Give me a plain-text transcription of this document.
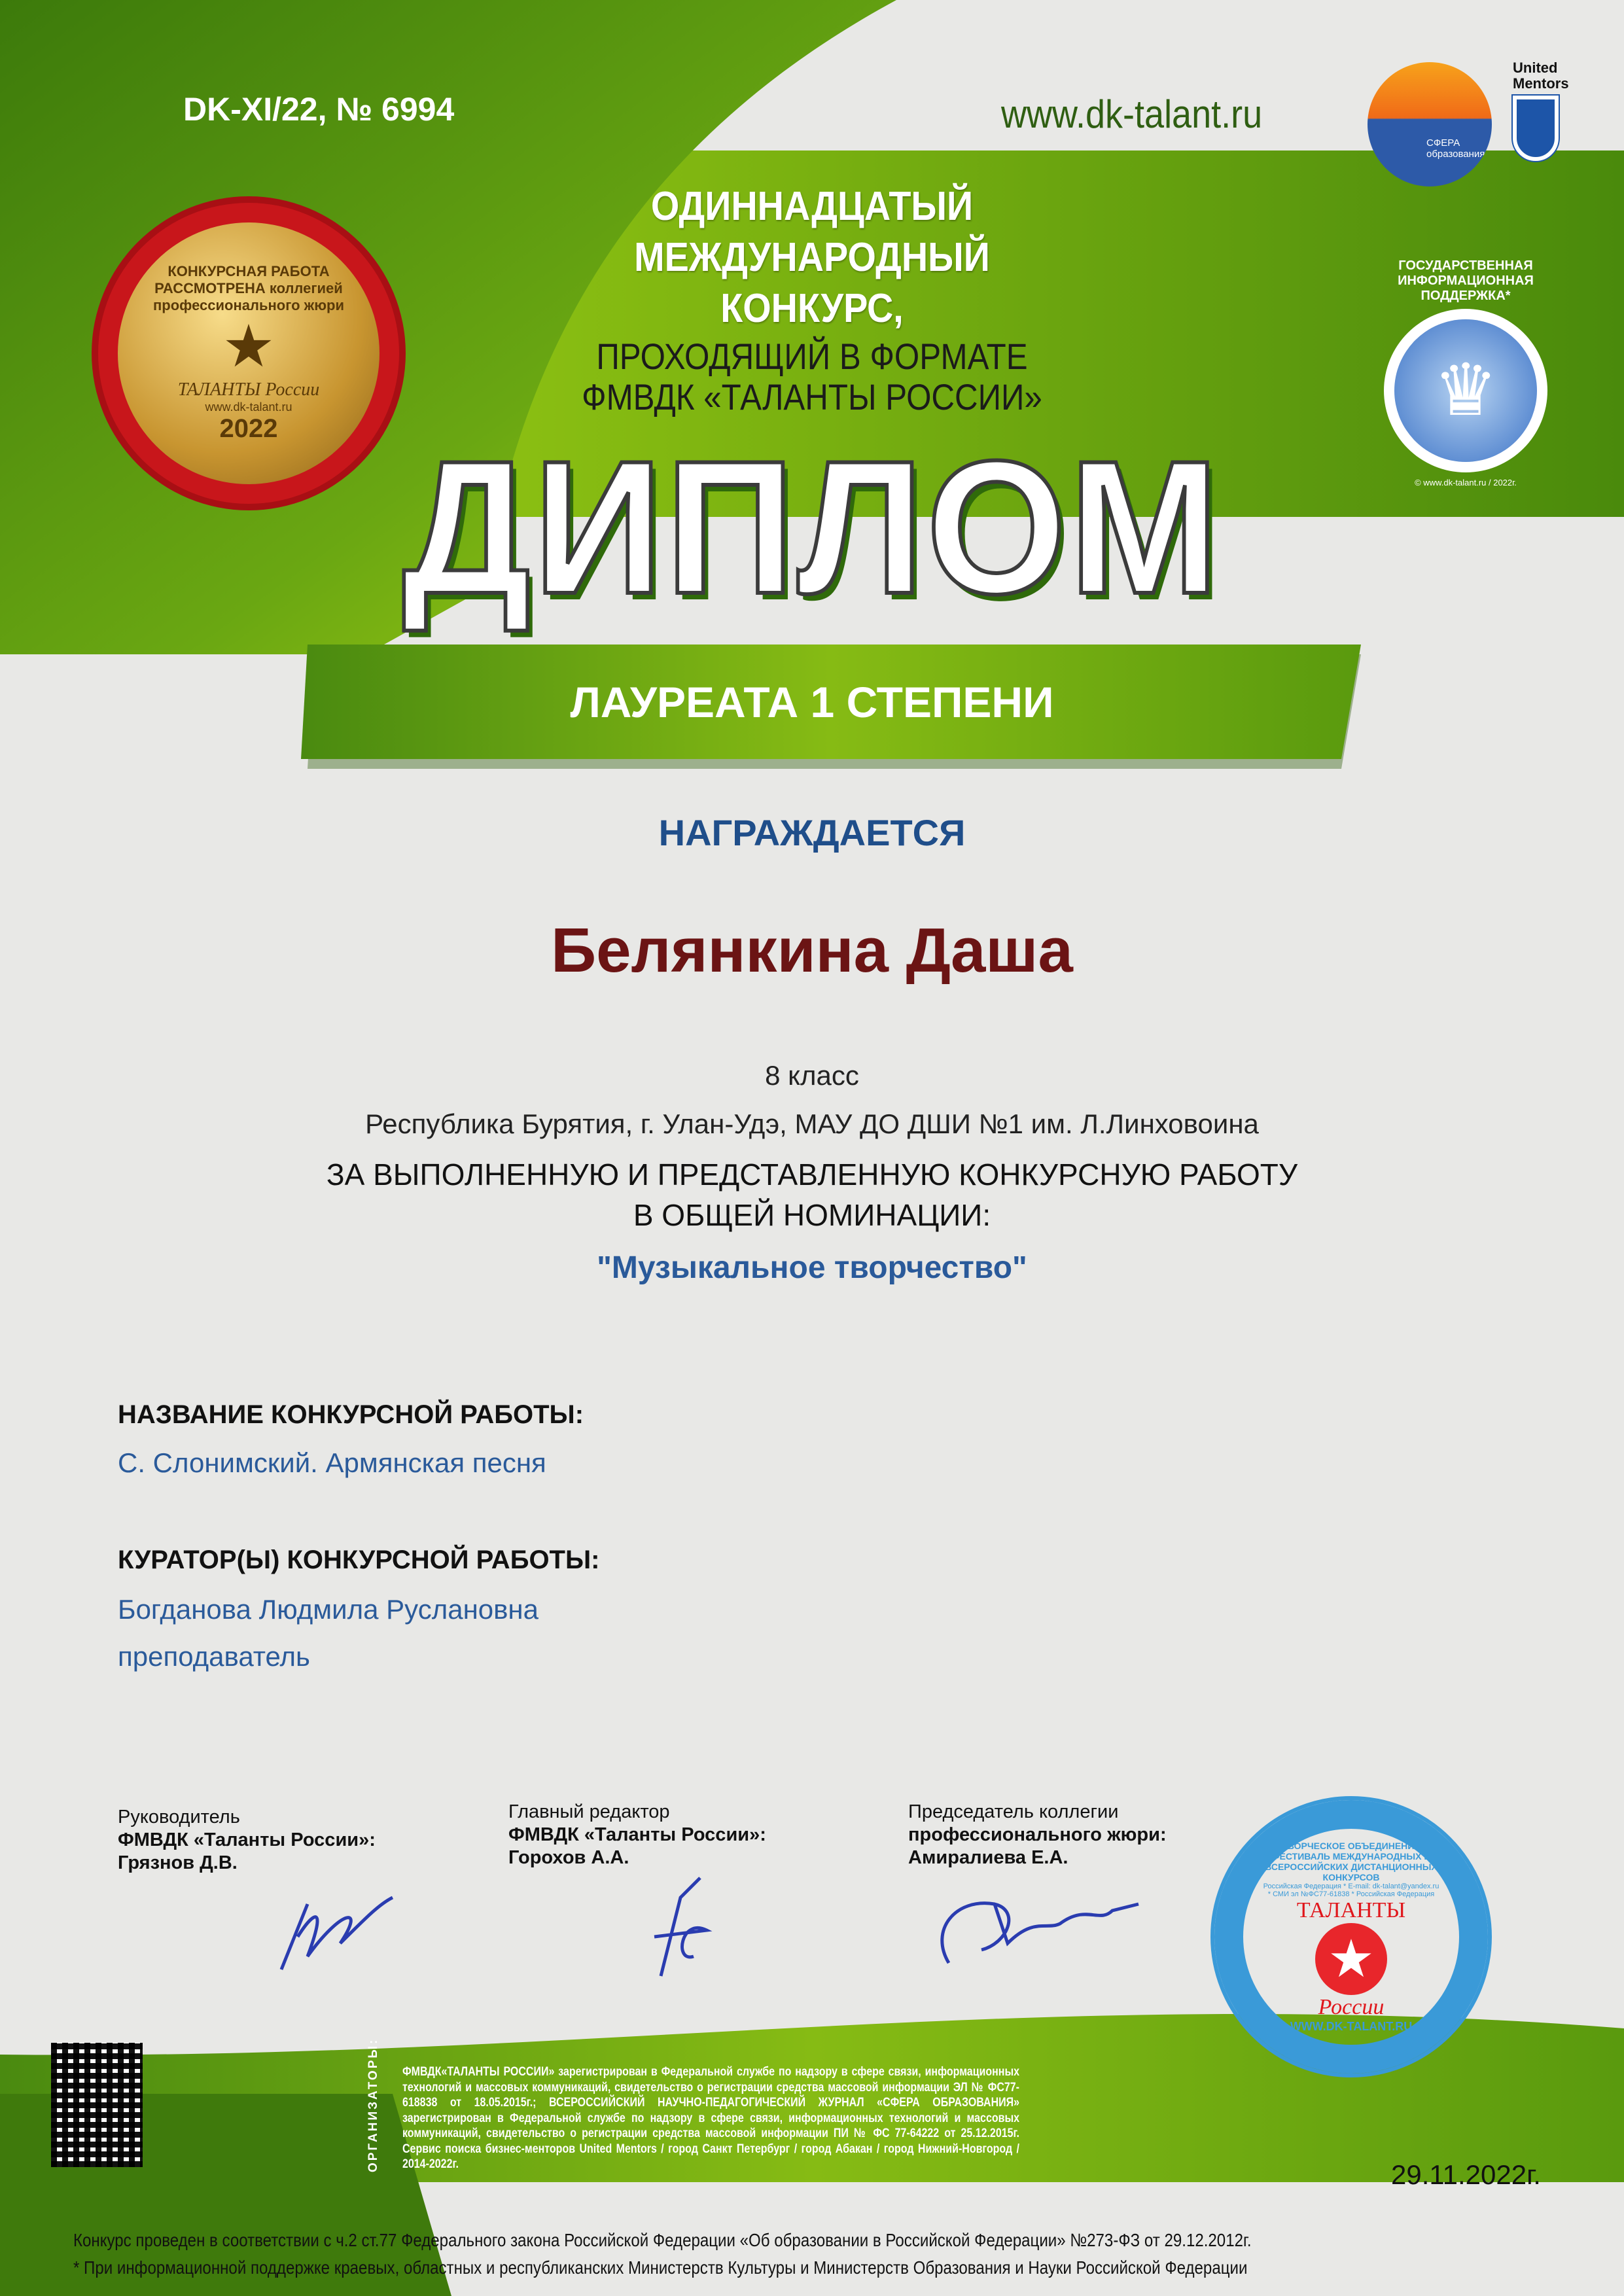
DK-XI/22, № 6994	www.dk-talant.ru
СФЕРА образования
United Mentors
ОДИННАДЦАТЫЙ
МЕЖДУНАРОДНЫЙ
КОНКУРС,
ПРОХОДЯЩИЙ В ФОРМАТЕ
ФМВДК «ТАЛАНТЫ РОССИИ»
КОНКУРСНАЯ РАБОТА РАССМОТРЕНА коллегией профессионального жюри
★
ТАЛАНТЫ России
www.dk-talant.ru
2022
ГОСУДАРСТВЕННАЯ ИНФОРМАЦИОННАЯ ПОДДЕРЖКА*
♛
© www.dk-talant.ru / 2022г.
ДИПЛОМ
ЛАУРЕАТА 1 СТЕПЕНИ
НАГРАЖДАЕТСЯ
Белянкина Даша
8 класс
Республика Бурятия, г. Улан-Удэ, МАУ ДО ДШИ №1 им. Л.Линховоина
ЗА ВЫПОЛНЕННУЮ И ПРЕДСТАВЛЕННУЮ КОНКУРСНУЮ РАБОТУ
В ОБЩЕЙ НОМИНАЦИИ:
"Музыкальное творчество"
НАЗВАНИЕ КОНКУРСНОЙ РАБОТЫ:
С. Слонимский. Армянская песня
КУРАТОР(Ы) КОНКУРСНОЙ РАБОТЫ:
Богданова Людмила Руслановна
преподаватель
Руководитель
ФМВДК «Таланты России»:
Грязнов Д.В.
Главный редактор
ФМВДК «Таланты России»:
Горохов А.А.
Председатель коллегии
профессионального жюри:
Амиралиева Е.А.
ТВОРЧЕСКОЕ ОБЪЕДИНЕНИЕ ФЕСТИВАЛЬ МЕЖДУНАРОДНЫХ И ВСЕРОССИЙСКИХ ДИСТАНЦИОННЫХ КОНКУРСОВ
Российская Федерация * E-mail: dk-talant@yandex.ru * СМИ эл №ФС77-61838 * Российская Федерация
ТАЛАНТЫ
★
России
WWW.DK-TALANT.RU
ОРГАНИЗАТОРЫ: ФМВДК«ТАЛАНТЫ РОССИИ» зарегистрирован в Федеральной службе по надзору в сфере связи, информационных технологий и массовых коммуникаций, свидетельство о регистрации средства массовой информации ЭЛ № ФС77-618838 от 18.05.2015г.; ВСЕРОССИЙСКИЙ НАУЧНО-ПЕДАГОГИЧЕСКИЙ ЖУРНАЛ «СФЕРА ОБРАЗОВАНИЯ» зарегистрирован в Федеральной службе по надзору в сфере связи, информационных технологий и массовых коммуникаций, свидетельство о регистрации средства массовой информации ПИ № ФС 77-64222 от 25.12.2015г. Сервис поиска бизнес-менторов United Mentors / город Санкт Петербург / город Абакан / город Нижний-Новгород / 2014-2022г.	29.11.2022г.
Конкурс проведен в соответствии с ч.2 ст.77 Федерального закона Российской Федерации «Об образовании в Российской Федерации» №273-ФЗ от 29.12.2012г.
* При информационной поддержке краевых, областных и республиканских Министерств Культуры и Министерств Образования и Науки Российской Федерации
